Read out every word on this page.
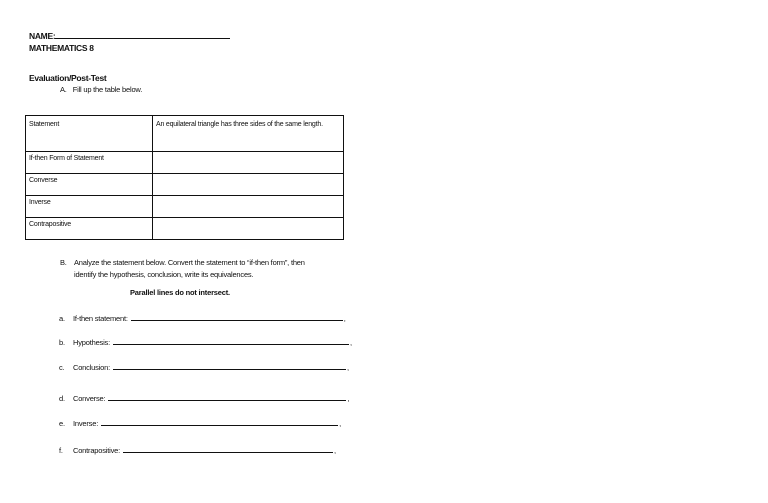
NAME:
MATHEMATICS 8
Evaluation/Post-Test
A. Fill up the table below.
Statement	An equilateral triangle has three sides of the same length.
If-then Form of Statement	
Converse	
Inverse	
Contrapositive	
B. Analyze the statement below. Convert the statement to “if-then form”, then
identify the hypothesis, conclusion, write its equivalences.
Parallel lines do not intersect.
a. If-then statement:	,
b. Hypothesis:	,
c. Conclusion:	,
d. Converse:	,
e. Inverse:	,
f. Contrapositive:	,
